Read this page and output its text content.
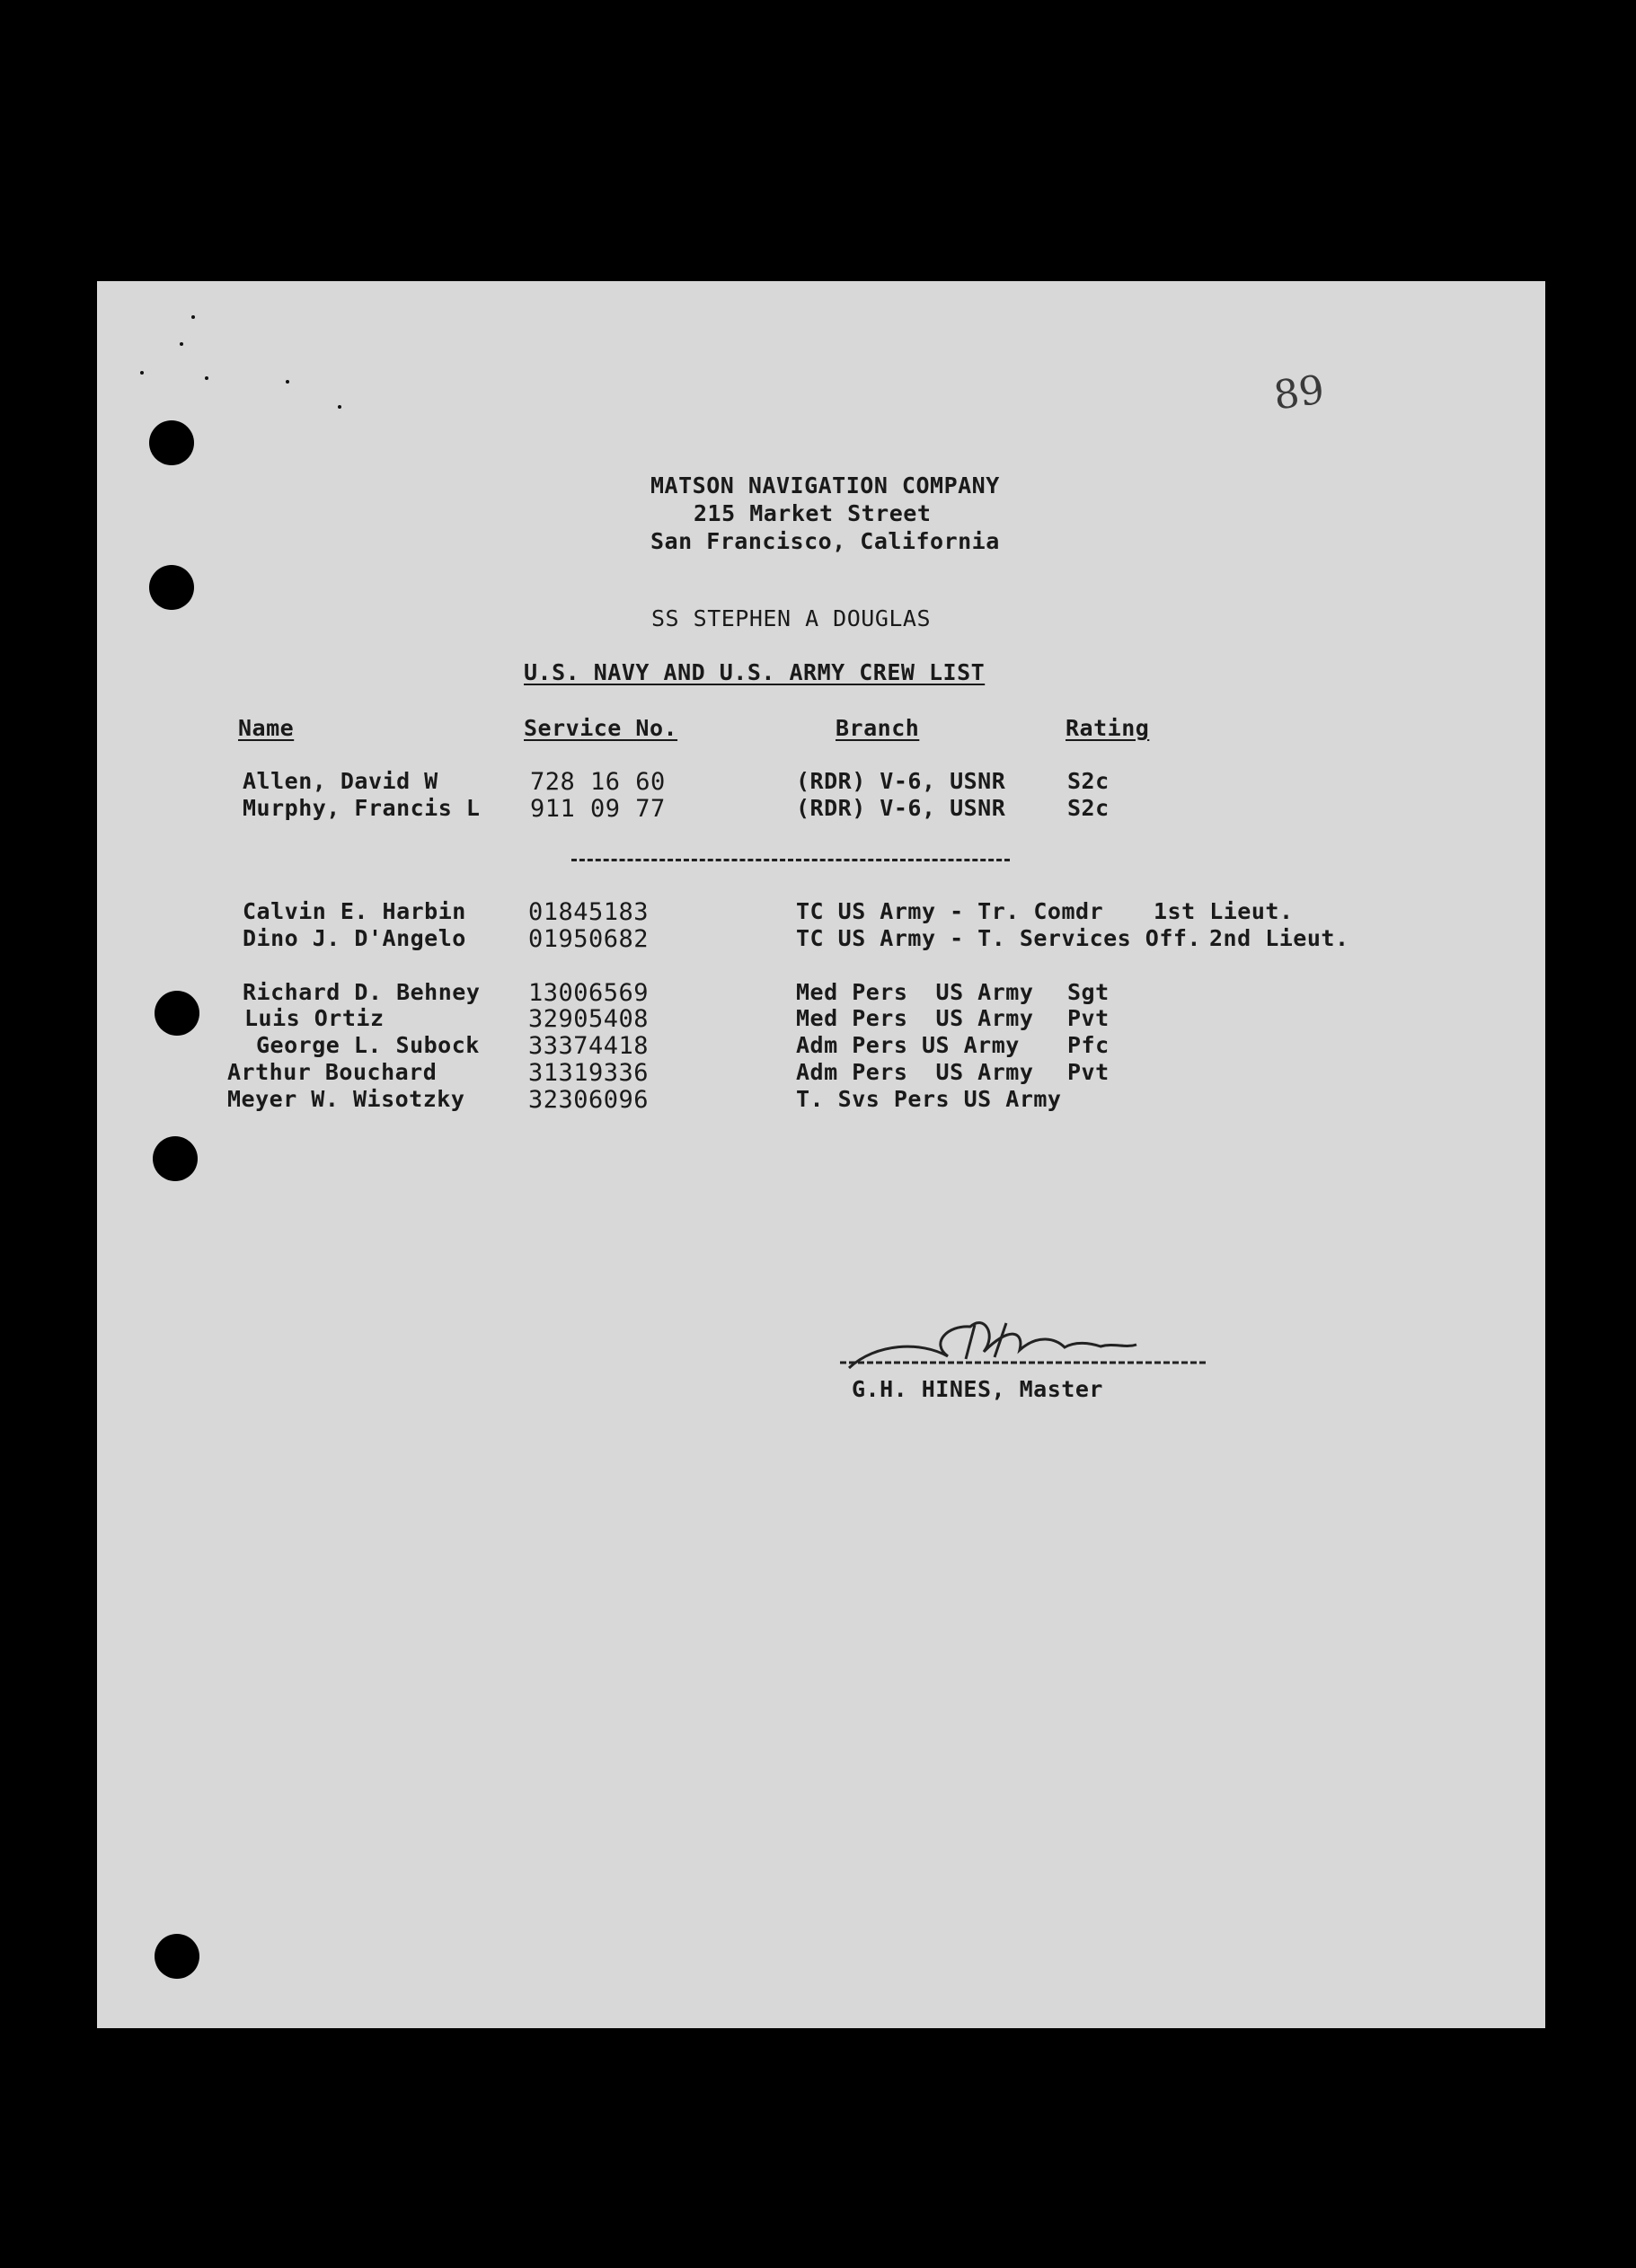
89
MATSON NAVIGATION COMPANY
215 Market Street
San Francisco, California
SS STEPHEN A DOUGLAS
U.S. NAVY AND U.S. ARMY CREW LIST
Name	Service No.	Branch	Rating
Allen, David W	728 16 60	(RDR) V-6, USNR	S2c
Murphy, Francis L 911 09 77	(RDR) V-6, USNR	S2c
Calvin E. Harbin	01845183	TC US Army - Tr. Comdr 1st Lieut.
Dino J. D'Angelo	01950682	TC US Army - T. Services Off. 2nd Lieut.
Richard D. Behney 13006569	Med Pers  US Army Sgt
Luis Ortiz	32905408	Med Pers  US Army Pvt
George L. Subock 33374418	Adm Pers US Army Pfc
Arthur Bouchard	31319336	Adm Pers  US Army Pvt
Meyer W. Wisotzky	32306096	T. Svs Pers US Army
G.H. HINES, Master
